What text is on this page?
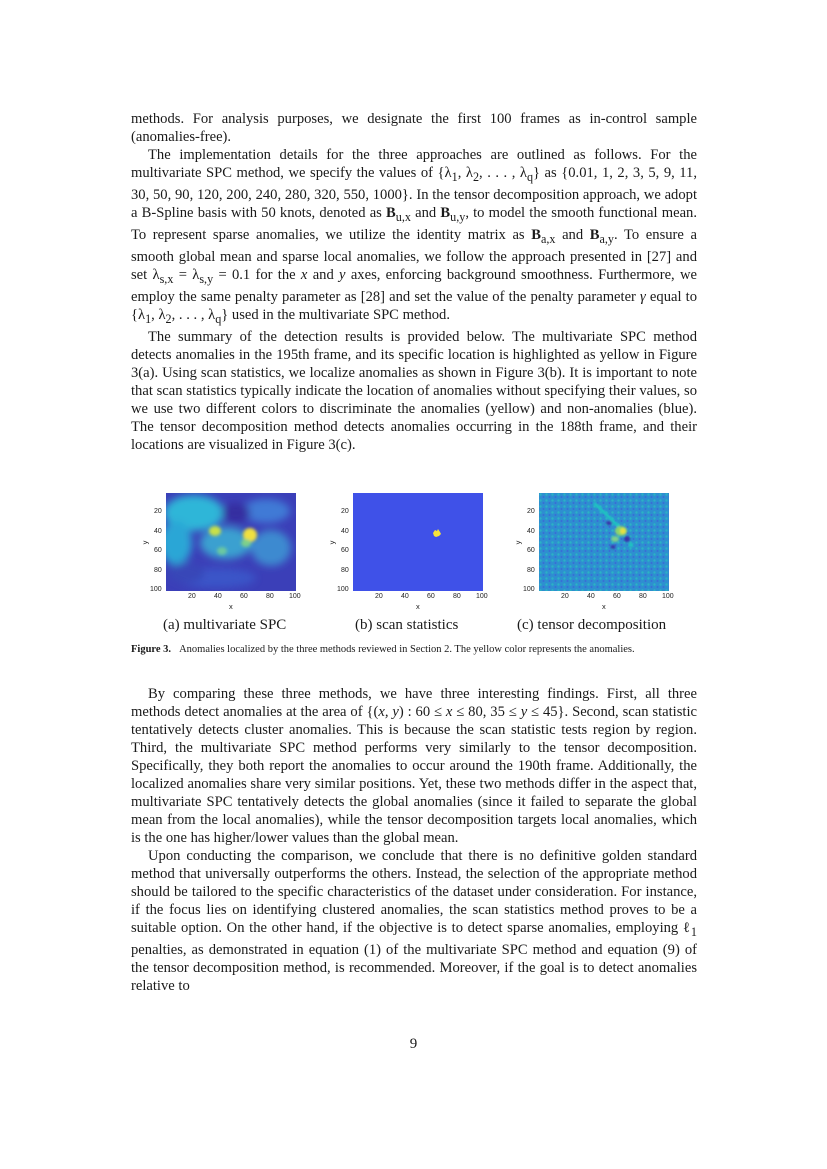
methods. For analysis purposes, we designate the first 100 frames as in-control sample (anomalies-free).

The implementation details for the three approaches are outlined as follows. For the multivariate SPC method, we specify the values of {$\lambda_1$, $\lambda_2$, . . . , $\lambda_q$} as {0.01, 1, 2, 3, 5, 9, 11, 30, 50, 90, 120, 200, 240, 280, 320, 550, 1000}. In the tensor decomposition approach, we adopt a B-Spline basis with 50 knots, denoted as $B_{u,x}$ and $B_{u,y}$, to model the smooth functional mean. To represent sparse anomalies, we utilize the identity matrix as $B_{a,x}$ and $B_{a,y}$. To ensure a smooth global mean and sparse local anomalies, we follow the approach presented in [27] and set $\lambda_{s,x} = \lambda_{s,y} = 0.1$ for the x and y axes, enforcing background smoothness. Furthermore, we employ the same penalty parameter as [28] and set the value of the penalty parameter γ equal to {$\lambda_1$, $\lambda_2$, . . . , $\lambda_q$} used in the multivariate SPC method.

The summary of the detection results is provided below. The multivariate SPC method detects anomalies in the 195th frame, and its specific location is highlighted as yellow in Figure 3(a). Using scan statistics, we localize anomalies as shown in Figure 3(b). It is important to note that scan statistics typically indicate the location of anomalies without specifying their values, so we use two different colors to discriminate the anomalies (yellow) and non-anomalies (blue). The tensor decomposition method detects anomalies occurring in the 188th frame, and their locations are visualized in Figure 3(c).

20
40
60
80
100
20	40	60	80 100
x
y
20
40
60
80
100
20	40	60	80 100
x
y
20
40
60
80
100
20	40	60	80 100
x
y
(a) multivariate SPC	(b) scan statistics	(c) tensor decomposition
Figure 3. Anomalies localized by the three methods reviewed in Section 2. The yellow color represents the anomalies.

By comparing these three methods, we have three interesting findings. First, all three methods detect anomalies at the area of {(x, y) : 60 ≤ x ≤ 80, 35 ≤ y ≤ 45}. Second, scan statistic tentatively detects cluster anomalies. This is because the scan statistic tests region by region. Third, the multivariate SPC method performs very similarly to the tensor decomposition. Specifically, they both report the anomalies to occur around the 190th frame. Additionally, the localized anomalies share very similar positions. Yet, these two methods differ in the aspect that, multivariate SPC tentatively detects the global anomalies (since it failed to separate the global mean from the local anomalies), while the tensor decomposition targets local anomalies, which is the one has higher/lower values than the global mean.

Upon conducting the comparison, we conclude that there is no definitive golden standard method that universally outperforms the others. Instead, the selection of the appropriate method should be tailored to the specific characteristics of the dataset under consideration. For instance, if the focus lies on identifying clustered anomalies, the scan statistics method proves to be a suitable option. On the other hand, if the objective is to detect sparse anomalies, employing ℓ$_1$ penalties, as demonstrated in equation (1) of the multivariate SPC method and equation (9) of the tensor decomposition method, is recommended. Moreover, if the goal is to detect anomalies relative to

9
